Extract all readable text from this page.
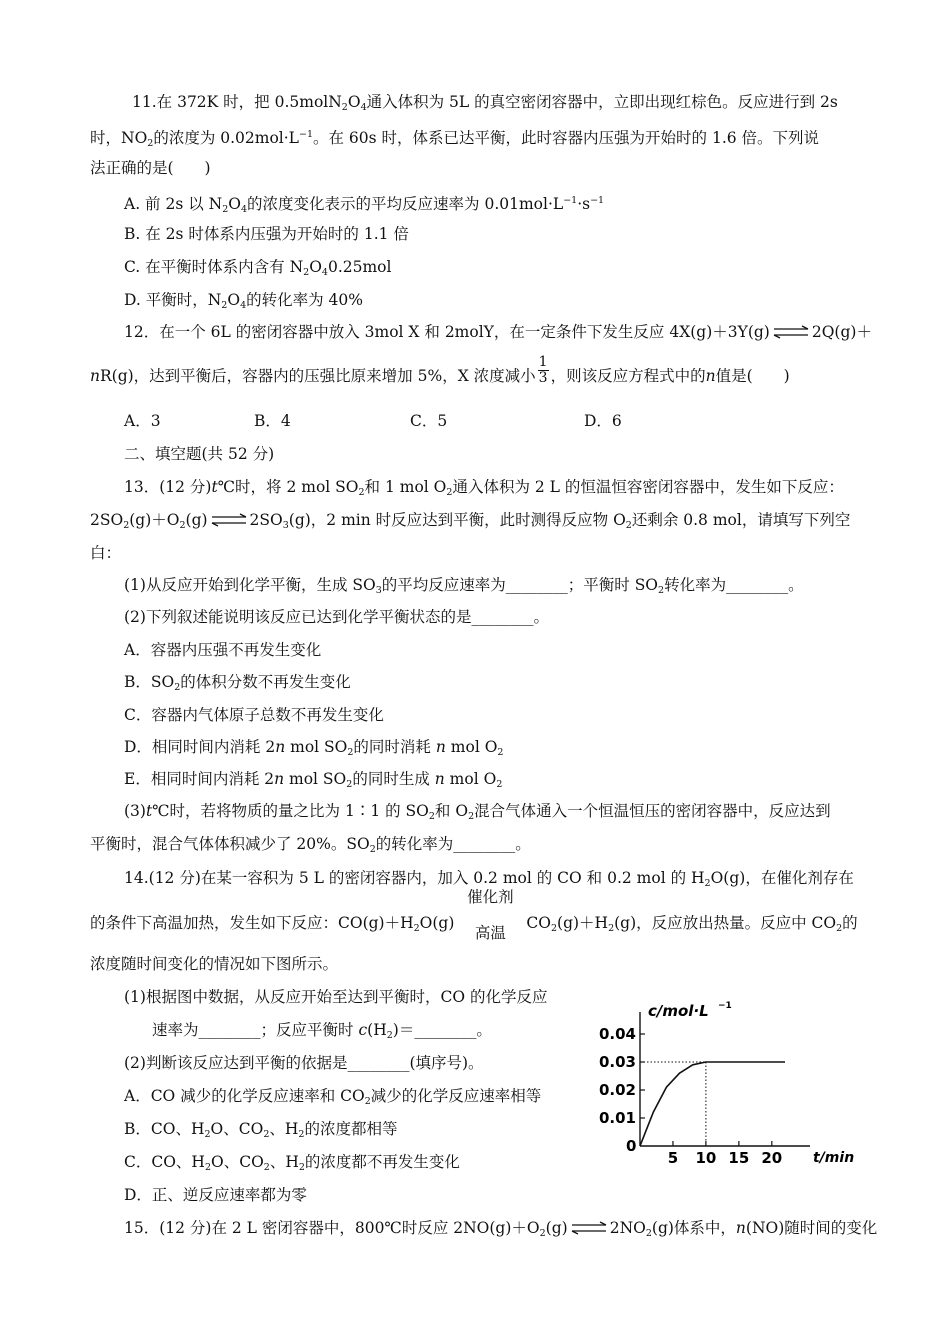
11.在 372K 时，把 $0.5molN_2O_4$通入体积为 5L 的真空密闭容器中，立即出现红棕色。反应进行到 2s
时，$NO_2$的浓度为 $0.02mol\cdot L^{-1}$。在 60s 时，体系已达平衡，此时容器内压强为开始时的 1.6 倍。下列说
法正确的是(　　)
A. 前 2s 以 $N_2O_4$的浓度变化表示的平均反应速率为 $0.01mol\cdot L^{-1}\cdot s^{-1}$
B. 在 2s 时体系内压强为开始时的 1.1 倍
C. 在平衡时体系内含有 $N_2O_40.25mol$
D. 平衡时，$N_2O_4$的转化率为 40%
12．在一个 6L 的密闭容器中放入 3mol X 和 2molY，在一定条件下发生反应 4X(g)＋3Y(g) ⇌ 2Q(g)＋
nR(g)，达到平衡后，容器内的压强比原来增加 5%，X 浓度减小 $\frac{1}{3}$ ，则该反应方程式中的n值是(　　)
A．3	B．4	C．5	D．6
二、填空题(共 52 分)
13．(12 分)t℃时，将 2 mol $SO_2$和 1 mol $O_2$通入体积为 2 L 的恒温恒容密闭容器中，发生如下反应：
$2SO_2(g)+O_2(g)$ ⇌ $2SO_3(g)$，2 min 时反应达到平衡，此时测得反应物 $O_2$还剩余 0.8 mol，请填写下列空
白：
(1)从反应开始到化学平衡，生成 $SO_3$的平均反应速率为________；平衡时 $SO_2$转化率为________。
(2)下列叙述能说明该反应已达到化学平衡状态的是________。
A．容器内压强不再发生变化
B．$SO_2$的体积分数不再发生变化
C．容器内气体原子总数不再发生变化
D．相同时间内消耗 2n mol $SO_2$的同时消耗 n mol $O_2$
E．相同时间内消耗 2n mol $SO_2$的同时生成 n mol $O_2$
(3)t℃时，若将物质的量之比为 1∶1 的 $SO_2$和 $O_2$混合气体通入一个恒温恒压的密闭容器中，反应达到
平衡时，混合气体体积减少了 20%。$SO_2$的转化率为________。
14.(12 分)在某一容积为 5 L 的密闭容器内，加入 0.2 mol 的 CO 和 0.2 mol 的 $H_2O(g)$，在催化剂存在
的条件下高温加热，发生如下反应：$CO(g)+H_2O(g)$
催化剂
高温
$CO_2(g)+H_2(g)$，反应放出热量。反应中 $CO_2$的
浓度随时间变化的情况如下图所示。
(1)根据图中数据，从反应开始至达到平衡时，CO 的化学反应
速率为________；反应平衡时 $c(H_2)=\_\_\_\_\_\_\_\_$。
(2)判断该反应达到平衡的依据是________(填序号)。
A．CO 减少的化学反应速率和 $CO_2$减少的化学反应速率相等
B．CO、$H_2O$、$CO_2$、$H_2$的浓度都相等
C．CO、$H_2O$、$CO_2$、$H_2$的浓度都不再发生变化
D．正、逆反应速率都为零
c/mol·L −1
t/min
0
0.01
0.02
0.03
0.04
5 10 15 20
15．(12 分)在 2 L 密闭容器中，800℃时反应 $2NO(g)+O_2(g)$ ⇌ $2NO_2(g)$体系中，n(NO)随时间的变化
